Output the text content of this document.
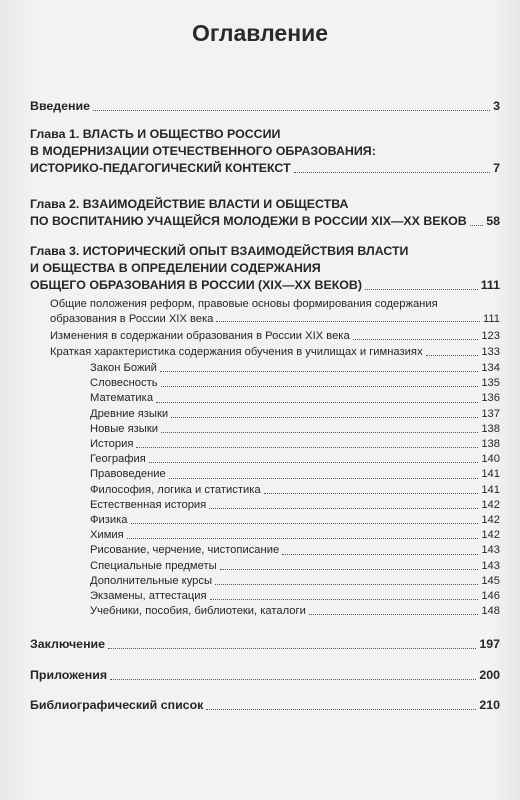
Оглавление
Введение	3
Глава 1. ВЛАСТЬ И ОБЩЕСТВО РОССИИ
В МОДЕРНИЗАЦИИ ОТЕЧЕСТВЕННОГО ОБРАЗОВАНИЯ:
ИСТОРИКО-ПЕДАГОГИЧЕСКИЙ КОНТЕКСТ	7
Глава 2. ВЗАИМОДЕЙСТВИЕ ВЛАСТИ И ОБЩЕСТВА
ПО ВОСПИТАНИЮ УЧАЩЕЙСЯ МОЛОДЕЖИ В РОССИИ XIX—XX ВЕКОВ 58
Глава 3. ИСТОРИЧЕСКИЙ ОПЫТ ВЗАИМОДЕЙСТВИЯ ВЛАСТИ
И ОБЩЕСТВА В ОПРЕДЕЛЕНИИ СОДЕРЖАНИЯ
ОБЩЕГО ОБРАЗОВАНИЯ В РОССИИ (XIX—XX ВЕКОВ)	111
Общие положения реформ, правовые основы формирования содержания
образования в России XIX века	111
Изменения в содержании образования в России XIX века	123
Краткая характеристика содержания обучения в училищах и гимназиях	133
Закон Божий	134
Словесность	135
Математика	136
Древние языки	137
Новые языки	138
История	138
География	140
Правоведение	141
Философия, логика и статистика	141
Естественная история	142
Физика	142
Химия	142
Рисование, черчение, чистописание	143
Специальные предметы	143
Дополнительные курсы	145
Экзамены, аттестация	146
Учебники, пособия, библиотеки, каталоги	148
Заключение	197
Приложения	200
Библиографический список	210
